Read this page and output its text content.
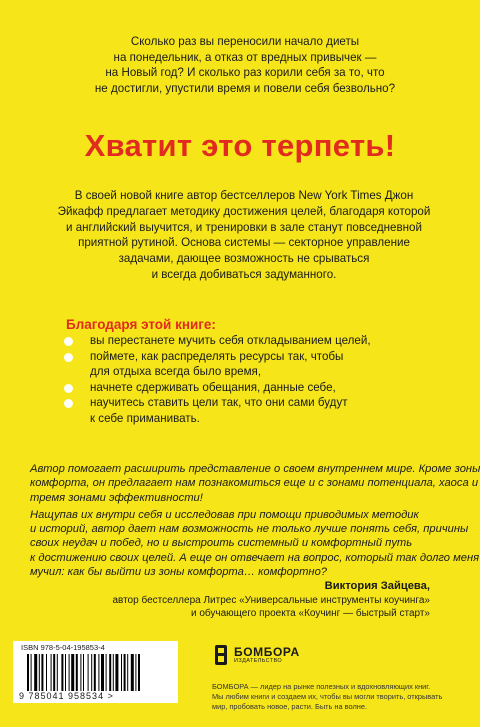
Сколько раз вы переносили начало диеты
на понедельник, а отказ от вредных привычек —
на Новый год? И сколько раз корили себя за то, что
не достигли, упустили время и повели себя безвольно?
Хватит это терпеть!
В своей новой книге автор бестселлеров New York Times Джон
Эйкафф предлагает методику достижения целей, благодаря которой
и английский выучится, и тренировки в зале станут повседневной
приятной рутиной. Основа системы — секторное управление
задачами, дающее возможность не срываться
и всегда добиваться задуманного.
Благодаря этой книге:
вы перестанете мучить себя откладыванием целей,
поймете, как распределять ресурсы так, чтобы
для отдыха всегда было время,
начнете сдерживать обещания, данные себе,
научитесь ставить цели так, что они сами будут
к себе приманивать.
Автор помогает расширить представление о своем внутреннем мире. Кроме зоны
комфорта, он предлагает нам познакомиться еще и с зонами потенциала, хаоса и
тремя зонами эффективности!
Нащупав их внутри себя и исследовав при помощи приводимых методик
и историй, автор дает нам возможность не только лучше понять себя, причины
своих неудач и побед, но и выстроить системный и комфортный путь
к достижению своих целей. А еще он отвечает на вопрос, который так долго меня
мучил: как бы выйти из зоны комфорта… комфортно?
Виктория Зайцева,
автор бестселлера Литрес «Универсальные инструменты коучинга»
и обучающего проекта «Коучинг — быстрый старт»
ISBN 978-5-04-195853-4
9 785041 958534 >
БОМБОРА
ИЗДАТЕЛЬСТВО
БОМБОРА — лидер на рынке полезных и вдохновляющих книг.
Мы любим книги и создаем их, чтобы вы могли творить, открывать
мир, пробовать новое, расти. Быть на волне.
